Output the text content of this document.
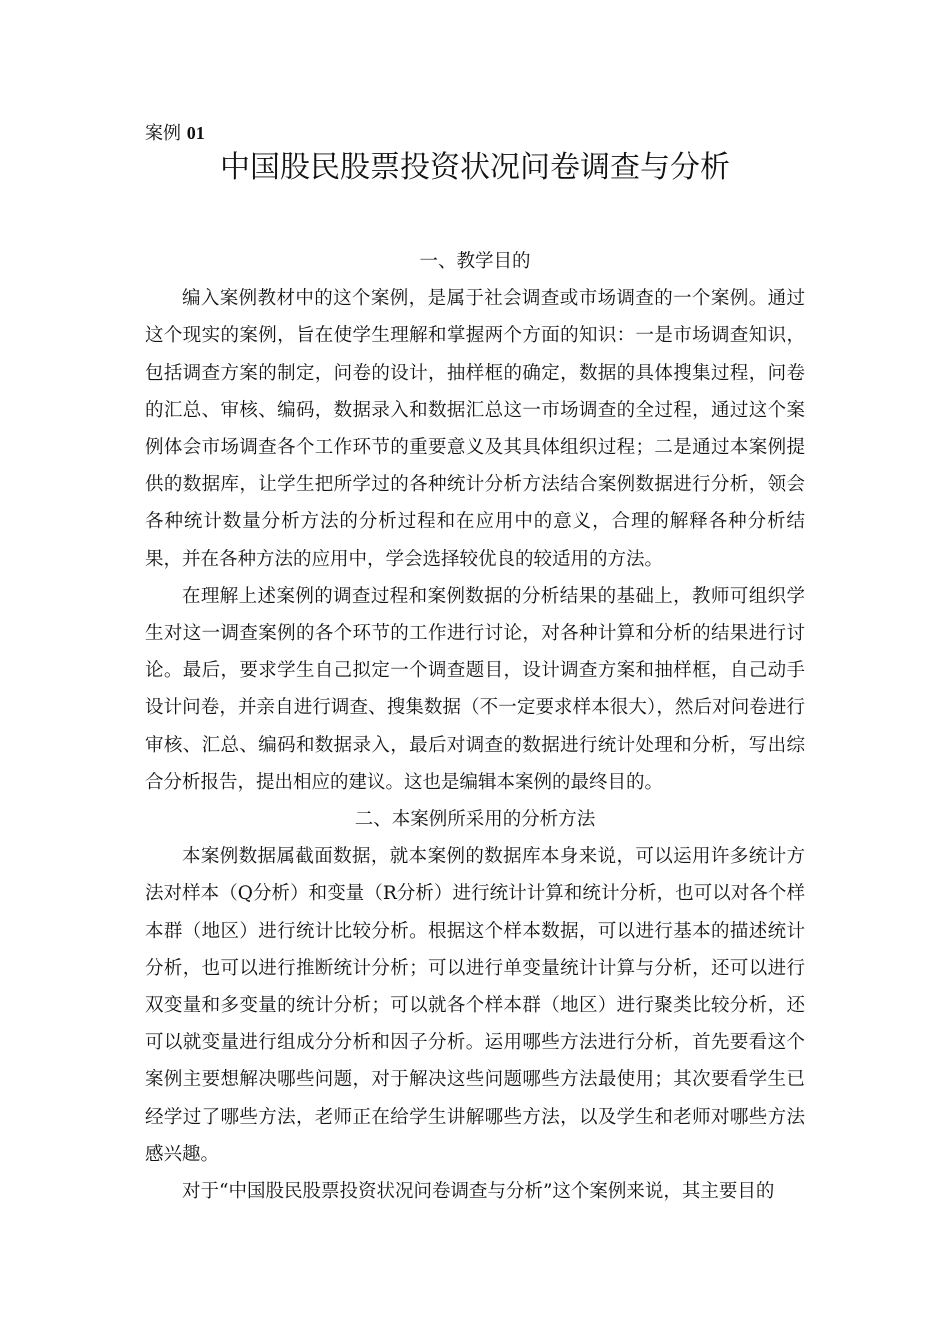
案例 01
中国股民股票投资状况问卷调查与分析
一、教学目的

编入案例教材中的这个案例，是属于社会调查或市场调查的一个案例。通过这个现实的案例，旨在使学生理解和掌握两个方面的知识：一是市场调查知识，包括调查方案的制定，问卷的设计，抽样框的确定，数据的具体搜集过程，问卷的汇总、审核、编码，数据录入和数据汇总这一市场调查的全过程，通过这个案例体会市场调查各个工作环节的重要意义及其具体组织过程；二是通过本案例提供的数据库，让学生把所学过的各种统计分析方法结合案例数据进行分析，领会各种统计数量分析方法的分析过程和在应用中的意义，合理的解释各种分析结果，并在各种方法的应用中，学会选择较优良的较适用的方法。

在理解上述案例的调查过程和案例数据的分析结果的基础上，教师可组织学生对这一调查案例的各个环节的工作进行讨论，对各种计算和分析的结果进行讨论。最后，要求学生自己拟定一个调查题目，设计调查方案和抽样框，自己动手设计问卷，并亲自进行调查、搜集数据（不一定要求样本很大），然后对问卷进行审核、汇总、编码和数据录入，最后对调查的数据进行统计处理和分析，写出综合分析报告，提出相应的建议。这也是编辑本案例的最终目的。

二、本案例所采用的分析方法

本案例数据属截面数据，就本案例的数据库本身来说，可以运用许多统计方法对样本（Q分析）和变量（R分析）进行统计计算和统计分析，也可以对各个样本群（地区）进行统计比较分析。根据这个样本数据，可以进行基本的描述统计分析，也可以进行推断统计分析；可以进行单变量统计计算与分析，还可以进行双变量和多变量的统计分析；可以就各个样本群（地区）进行聚类比较分析，还可以就变量进行组成分分析和因子分析。运用哪些方法进行分析，首先要看这个案例主要想解决哪些问题，对于解决这些问题哪些方法最使用；其次要看学生已经学过了哪些方法，老师正在给学生讲解哪些方法，以及学生和老师对哪些方法感兴趣。

对于“中国股民股票投资状况问卷调查与分析”这个案例来说，其主要目的
